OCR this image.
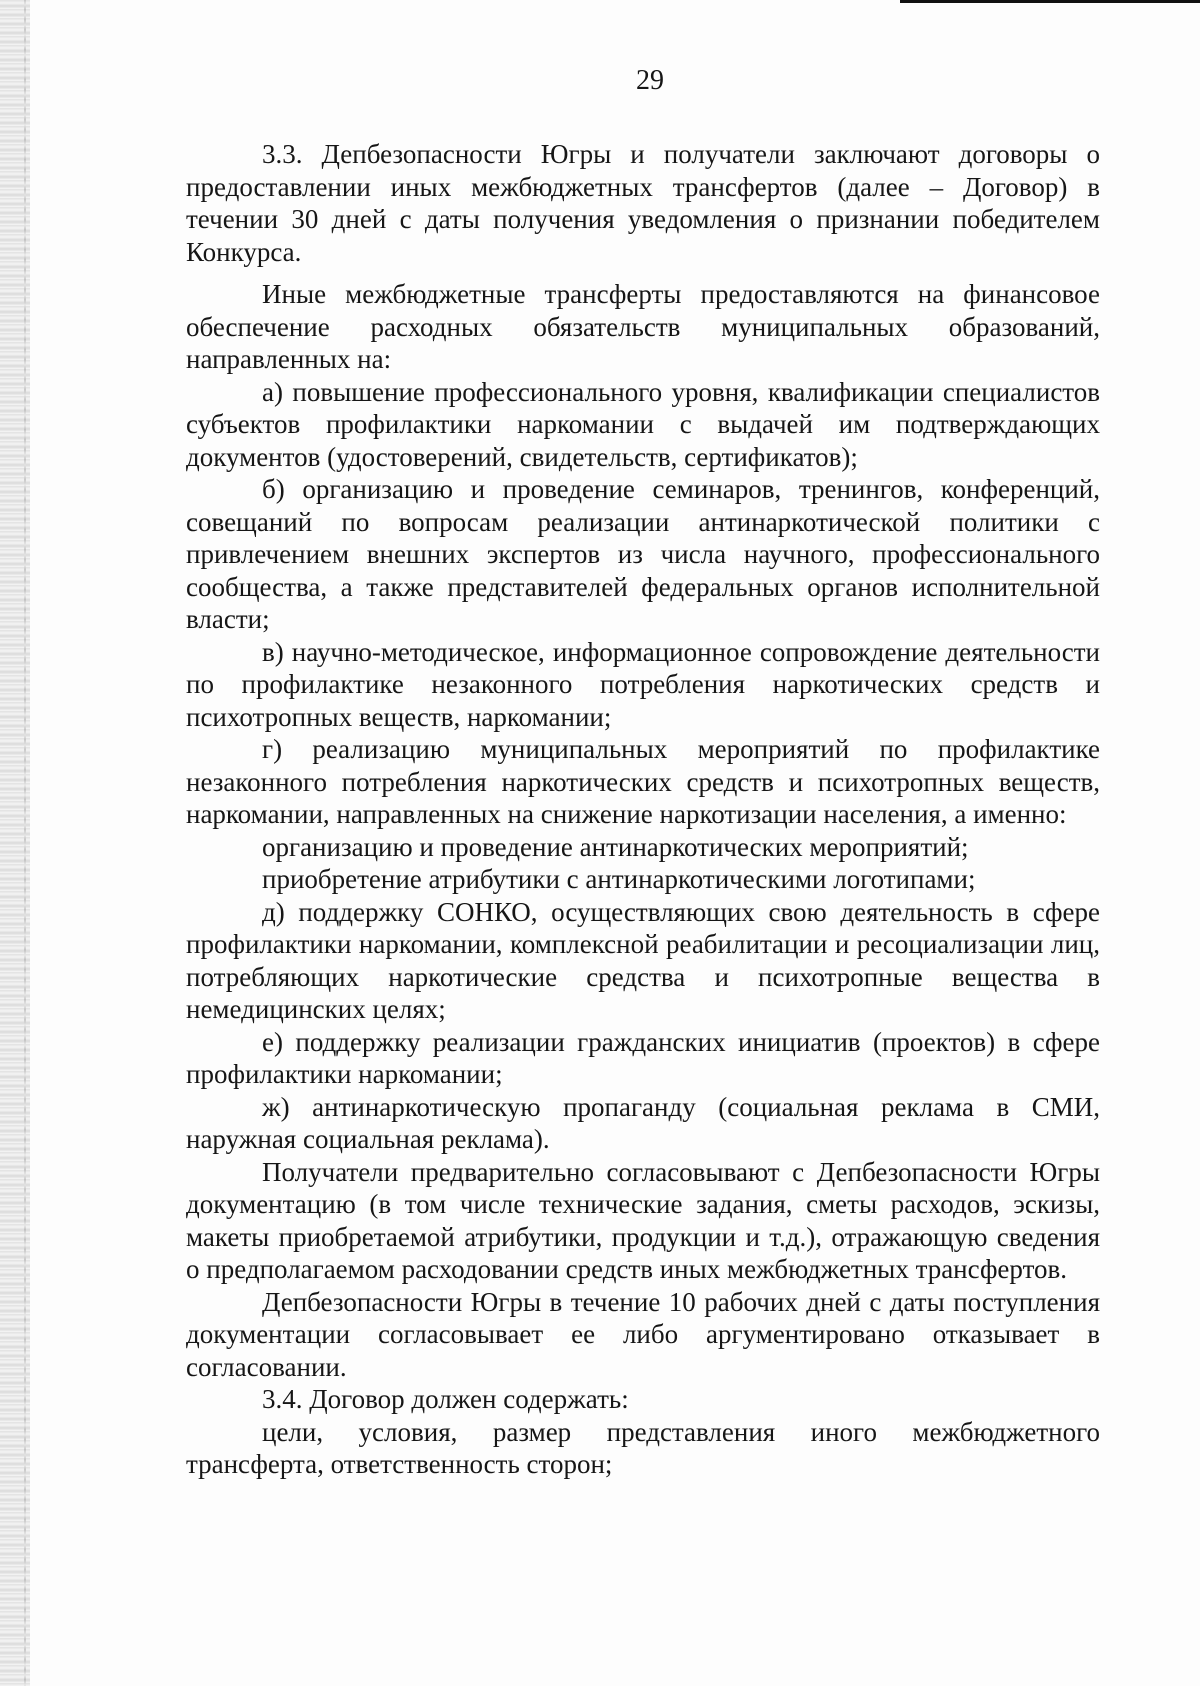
29

3.3. Депбезопасности Югры и получатели заключают договоры о предоставлении иных межбюджетных трансфертов (далее – Договор) в течении 30 дней с даты получения уведомления о признании победителем Конкурса.

Иные межбюджетные трансферты предоставляются на финансовое обеспечение расходных обязательств муниципальных образований, направленных на:

а) повышение профессионального уровня, квалификации специалистов субъектов профилактики наркомании с выдачей им подтверждающих документов (удостоверений, свидетельств, сертификатов);

б) организацию и проведение семинаров, тренингов, конференций, совещаний по вопросам реализации антинаркотической политики с привлечением внешних экспертов из числа научного, профессионального сообщества, а также представителей федеральных органов исполнительной власти;

в) научно-методическое, информационное сопровождение деятельности по профилактике незаконного потребления наркотических средств и психотропных веществ, наркомании;

г) реализацию муниципальных мероприятий по профилактике незаконного потребления наркотических средств и психотропных веществ, наркомании, направленных на снижение наркотизации населения, а именно:

организацию и проведение антинаркотических мероприятий;

приобретение атрибутики с антинаркотическими логотипами;

д) поддержку СОНКО, осуществляющих свою деятельность в сфере профилактики наркомании, комплексной реабилитации и ресоциализации лиц, потребляющих наркотические средства и психотропные вещества в немедицинских целях;

е) поддержку реализации гражданских инициатив (проектов) в сфере профилактики наркомании;

ж) антинаркотическую пропаганду (социальная реклама в СМИ, наружная социальная реклама).

Получатели предварительно согласовывают с Депбезопасности Югры документацию (в том числе технические задания, сметы расходов, эскизы, макеты приобретаемой атрибутики, продукции и т.д.), отражающую сведения о предполагаемом расходовании средств иных межбюджетных трансфертов.

Депбезопасности Югры в течение 10 рабочих дней с даты поступления документации согласовывает ее либо аргументировано отказывает в согласовании.

3.4. Договор должен содержать:

цели, условия, размер представления иного межбюджетного трансферта, ответственность сторон;
